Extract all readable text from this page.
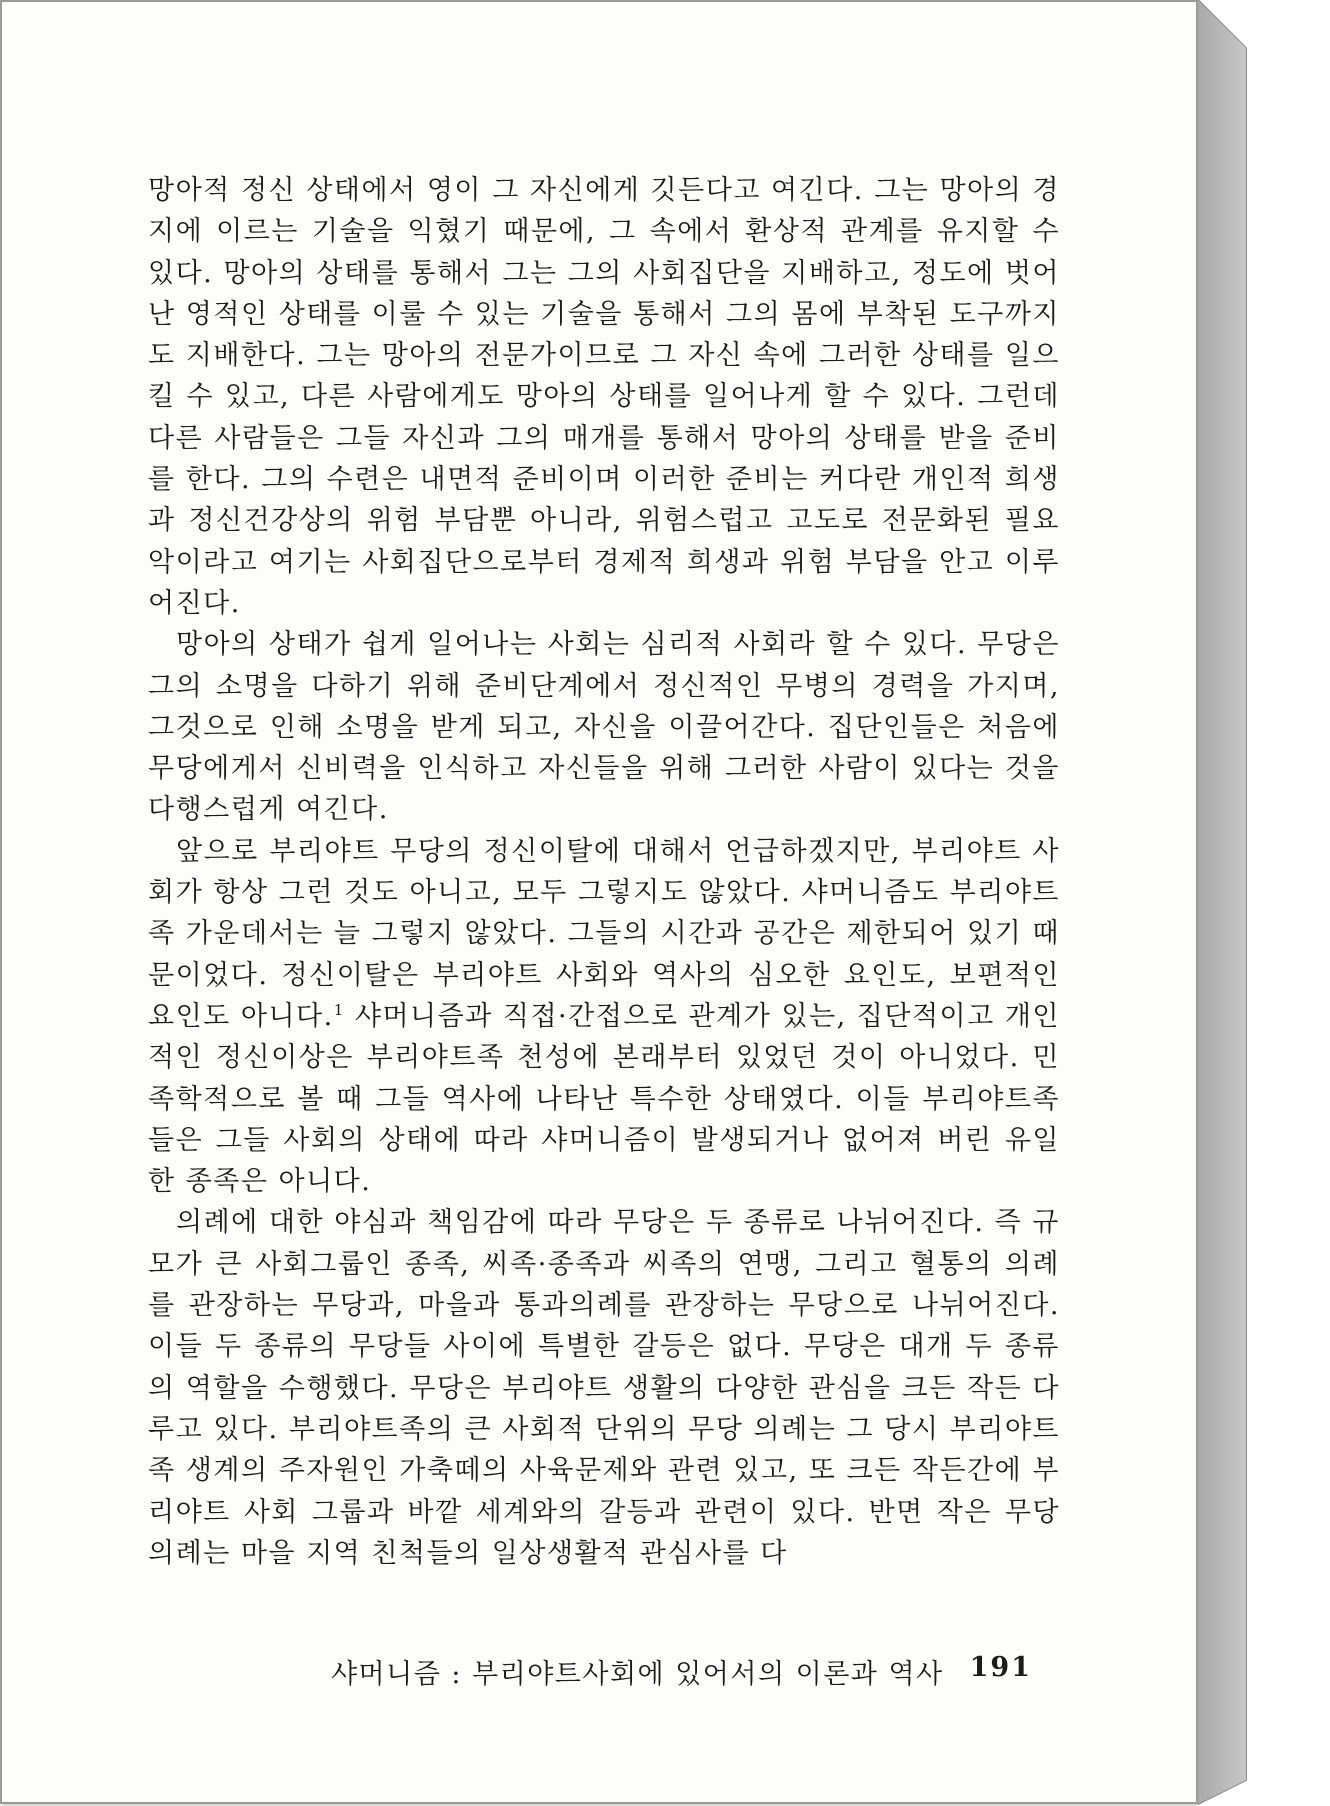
망아적 정신 상태에서 영이 그 자신에게 깃든다고 여긴다. 그는 망아의 경지에 이르는 기술을 익혔기 때문에, 그 속에서 환상적 관계를 유지할 수 있다. 망아의 상태를 통해서 그는 그의 사회집단을 지배하고, 정도에 벗어난 영적인 상태를 이룰 수 있는 기술을 통해서 그의 몸에 부착된 도구까지도 지배한다. 그는 망아의 전문가이므로 그 자신 속에 그러한 상태를 일으킬 수 있고, 다른 사람에게도 망아의 상태를 일어나게 할 수 있다. 그런데 다른 사람들은 그들 자신과 그의 매개를 통해서 망아의 상태를 받을 준비를 한다. 그의 수련은 내면적 준비이며 이러한 준비는 커다란 개인적 희생과 정신건강상의 위험 부담뿐 아니라, 위험스럽고 고도로 전문화된 필요악이라고 여기는 사회집단으로부터 경제적 희생과 위험 부담을 안고 이루어진다.

망아의 상태가 쉽게 일어나는 사회는 심리적 사회라 할 수 있다. 무당은 그의 소명을 다하기 위해 준비단계에서 정신적인 무병의 경력을 가지며, 그것으로 인해 소명을 받게 되고, 자신을 이끌어간다. 집단인들은 처음에 무당에게서 신비력을 인식하고 자신들을 위해 그러한 사람이 있다는 것을 다행스럽게 여긴다.

앞으로 부리야트 무당의 정신이탈에 대해서 언급하겠지만, 부리야트 사회가 항상 그런 것도 아니고, 모두 그렇지도 않았다. 샤머니즘도 부리야트족 가운데서는 늘 그렇지 않았다. 그들의 시간과 공간은 제한되어 있기 때문이었다. 정신이탈은 부리야트 사회와 역사의 심오한 요인도, 보편적인 요인도 아니다.$^1$ 샤머니즘과 직접·간접으로 관계가 있는, 집단적이고 개인적인 정신이상은 부리야트족 천성에 본래부터 있었던 것이 아니었다. 민족학적으로 볼 때 그들 역사에 나타난 특수한 상태였다. 이들 부리야트족들은 그들 사회의 상태에 따라 샤머니즘이 발생되거나 없어져 버린 유일한 종족은 아니다.

의례에 대한 야심과 책임감에 따라 무당은 두 종류로 나뉘어진다. 즉 규모가 큰 사회그룹인 종족, 씨족·종족과 씨족의 연맹, 그리고 혈통의 의례를 관장하는 무당과, 마을과 통과의례를 관장하는 무당으로 나뉘어진다. 이들 두 종류의 무당들 사이에 특별한 갈등은 없다. 무당은 대개 두 종류의 역할을 수행했다. 무당은 부리야트 생활의 다양한 관심을 크든 작든 다루고 있다. 부리야트족의 큰 사회적 단위의 무당 의례는 그 당시 부리야트족 생계의 주자원인 가축떼의 사육문제와 관련 있고, 또 크든 작든간에 부리야트 사회 그룹과 바깥 세계와의 갈등과 관련이 있다. 반면 작은 무당 의례는 마을 지역 친척들의 일상생활적 관심사를 다

샤머니즘 : 부리야트사회에 있어서의 이론과 역사 191
